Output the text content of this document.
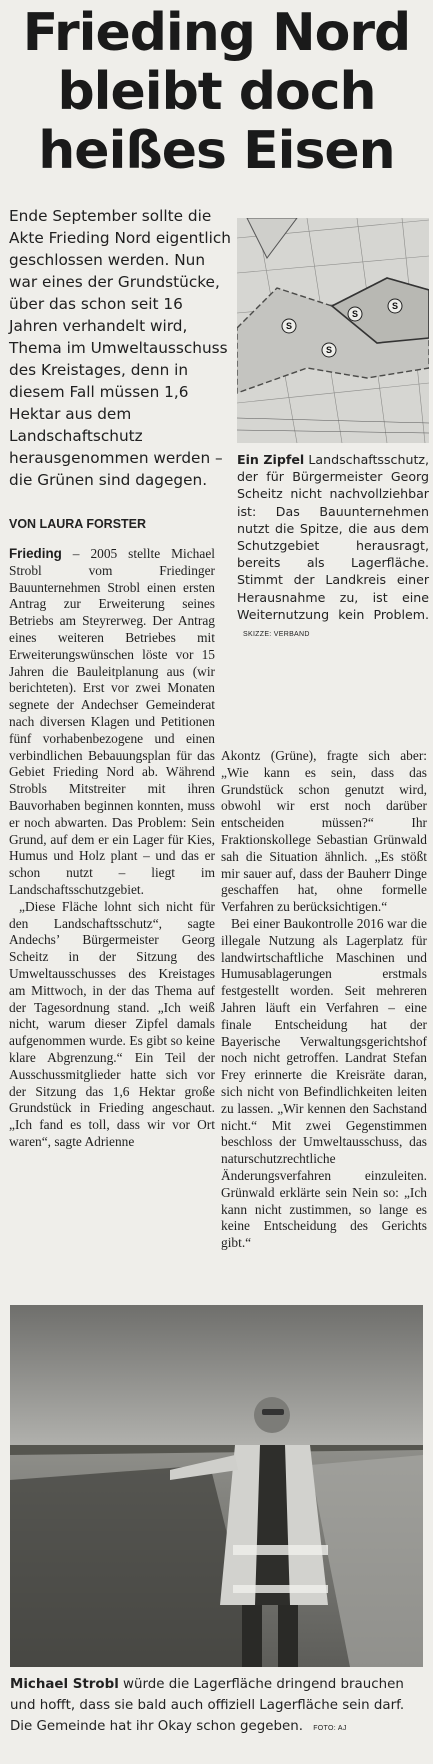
Frieding Nord
bleibt doch
heißes Eisen
Ende September sollte die Akte Frieding Nord eigentlich geschlossen werden. Nun war eines der Grundstücke, über das schon seit 16 Jahren verhandelt wird, Thema im Umweltausschuss des Kreistages, denn in diesem Fall müssen 1,6 Hektar aus dem Landschaftschutz herausgenommen werden – die Grünen sind dagegen.
VON LAURA FORSTER
S
S
S
S
Ein Zipfel Landschaftsschutz, der für Bürgermeister Georg Scheitz nicht nachvollziehbar ist: Das Bauunternehmen nutzt die Spitze, die aus dem Schutzgebiet herausragt, bereits als Lagerfläche. Stimmt der Landkreis einer Herausnahme zu, ist eine Weiternutzung kein Problem. SKIZZE: VERBAND

Frieding – 2005 stellte Michael Strobl vom Friedinger Bauunternehmen Strobl einen ersten Antrag zur Erweiterung seines Betriebs am Steyrerweg. Der Antrag eines weiteren Betriebes mit Erweiterungswünschen löste vor 15 Jahren die Bauleitplanung aus (wir berichteten). Erst vor zwei Monaten segnete der Andechser Gemeinderat nach diversen Klagen und Petitionen fünf vorhabenbezogene und einen verbindlichen Bebauungsplan für das Gebiet Frieding Nord ab. Während Strobls Mitstreiter mit ihren Bauvorhaben beginnen konnten, muss er noch abwarten. Das Problem: Sein Grund, auf dem er ein Lager für Kies, Humus und Holz plant – und das er schon nutzt – liegt im Landschaftsschutzgebiet.

„Diese Fläche lohnt sich nicht für den Landschaftsschutz“, sagte Andechs’ Bürgermeister Georg Scheitz in der Sitzung des Umweltausschusses des Kreistages am Mittwoch, in der das Thema auf der Tagesordnung stand. „Ich weiß nicht, warum dieser Zipfel damals aufgenommen wurde. Es gibt so keine klare Abgrenzung.“ Ein Teil der Ausschussmitglieder hatte sich vor der Sitzung das 1,6 Hektar große Grundstück in Frieding angeschaut. „Ich fand es toll, dass wir vor Ort waren“, sagte Adrienne

Akontz (Grüne), fragte sich aber: „Wie kann es sein, dass das Grundstück schon genutzt wird, obwohl wir erst noch darüber entscheiden müssen?“ Ihr Fraktionskollege Sebastian Grünwald sah die Situation ähnlich. „Es stößt mir sauer auf, dass der Bauherr Dinge geschaffen hat, ohne formelle Verfahren zu berücksichtigen.“

Bei einer Baukontrolle 2016 war die illegale Nutzung als Lagerplatz für landwirtschaftliche Maschinen und Humusablagerungen erstmals festgestellt worden. Seit mehreren Jahren läuft ein Verfahren – eine finale Entscheidung hat der Bayerische Verwaltungsgerichtshof noch nicht getroffen. Landrat Stefan Frey erinnerte die Kreisräte daran, sich nicht von Befindlichkeiten leiten zu lassen. „Wir kennen den Sachstand nicht.“ Mit zwei Gegenstimmen beschloss der Umweltausschuss, das naturschutzrechtliche Änderungsverfahren einzuleiten. Grünwald erklärte sein Nein so: „Ich kann nicht zustimmen, so lange es keine Entscheidung des Gerichts gibt.“

Michael Strobl würde die Lagerfläche dringend brauchen und hofft, dass sie bald auch offiziell Lagerfläche sein darf. Die Gemeinde hat ihr Okay schon gegeben. FOTO: AJ
